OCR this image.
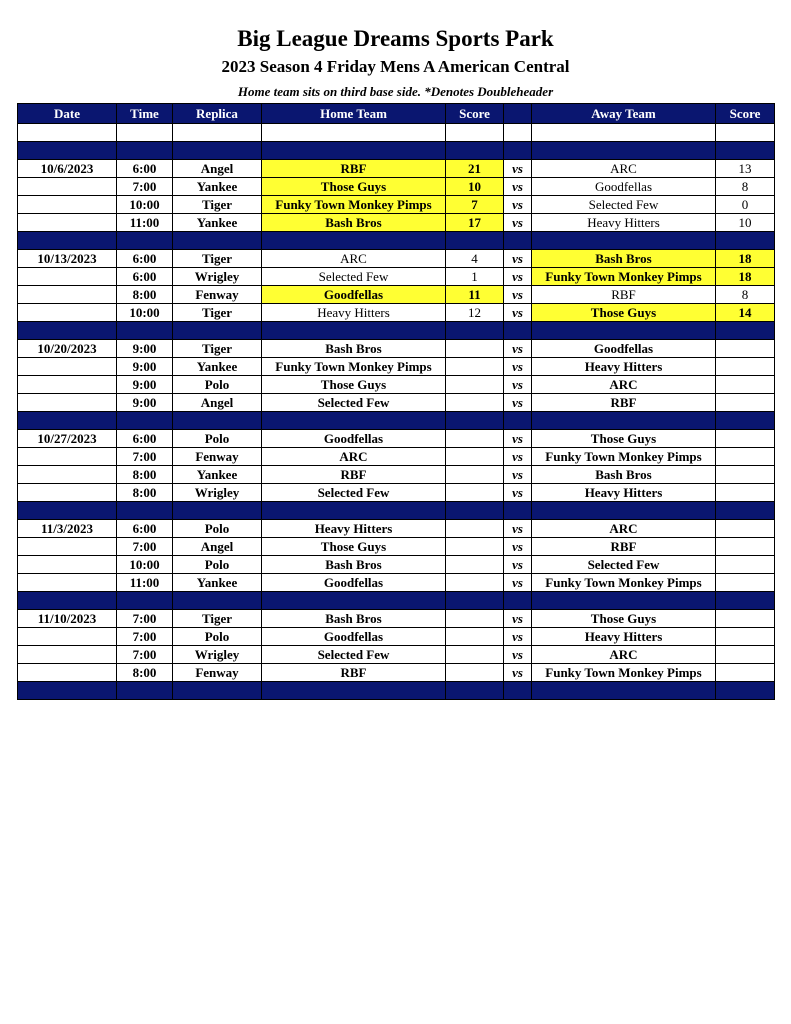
Big League Dreams Sports Park
2023 Season 4 Friday Mens A American Central
Home team sits on third base side. *Denotes Doubleheader
Date	Time	Replica	Home Team	Score		Away Team	Score

10/6/2023	6:00	Angel	RBF	21	vs	ARC	13
	7:00	Yankee	Those Guys	10	vs	Goodfellas	8
	10:00	Tiger	Funky Town Monkey Pimps	7	vs	Selected Few	0
	11:00	Yankee	Bash Bros	17	vs	Heavy Hitters	10

10/13/2023	6:00	Tiger	ARC	4	vs	Bash Bros	18
	6:00	Wrigley	Selected Few	1	vs	Funky Town Monkey Pimps	18
	8:00	Fenway	Goodfellas	11	vs	RBF	8
	10:00	Tiger	Heavy Hitters	12	vs	Those Guys	14

10/20/2023	9:00	Tiger	Bash Bros		vs	Goodfellas	
	9:00	Yankee	Funky Town Monkey Pimps		vs	Heavy Hitters	
	9:00	Polo	Those Guys		vs	ARC	
	9:00	Angel	Selected Few		vs	RBF	

10/27/2023	6:00	Polo	Goodfellas		vs	Those Guys	
	7:00	Fenway	ARC		vs	Funky Town Monkey Pimps	
	8:00	Yankee	RBF		vs	Bash Bros	
	8:00	Wrigley	Selected Few		vs	Heavy Hitters	

11/3/2023	6:00	Polo	Heavy Hitters		vs	ARC	
	7:00	Angel	Those Guys		vs	RBF	
	10:00	Polo	Bash Bros		vs	Selected Few	
	11:00	Yankee	Goodfellas		vs	Funky Town Monkey Pimps	

11/10/2023	7:00	Tiger	Bash Bros		vs	Those Guys	
	7:00	Polo	Goodfellas		vs	Heavy Hitters	
	7:00	Wrigley	Selected Few		vs	ARC	
	8:00	Fenway	RBF		vs	Funky Town Monkey Pimps	
